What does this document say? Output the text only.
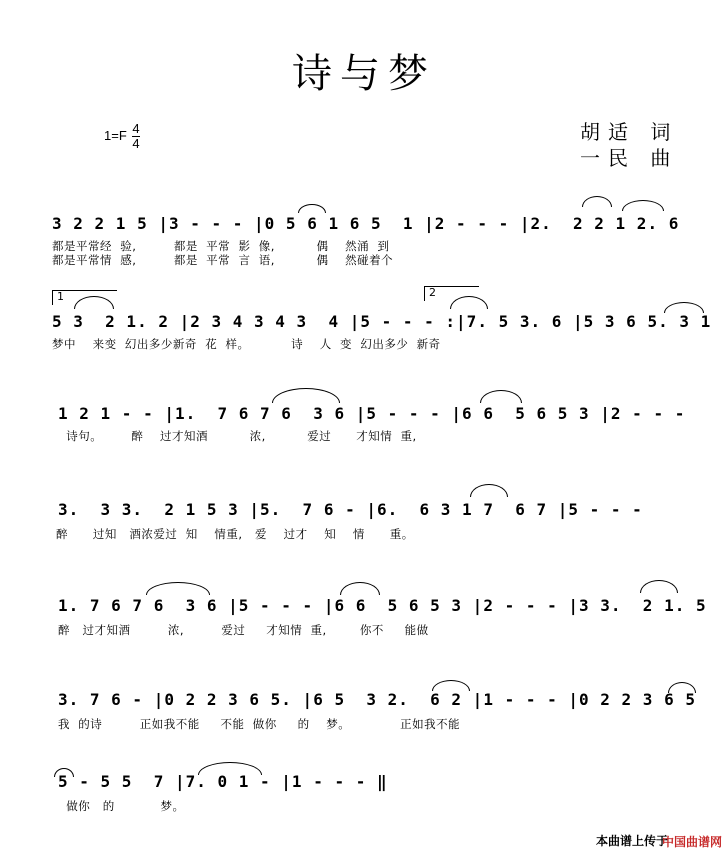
诗与梦
$1=F \frac{4}{4}$	胡适 词
一民 曲
3 2 2 1 5 |3 - - - |0 5 6 1 6 5  1 |2 - - - |2.  2 2 1 2. 6
都是平常经  验,         都是  平常  影  像,          偶    然涌  到
都是平常情  感,         都是  平常  言  语,          偶    然碰着个
1	2
5 3  2 1. 2 |2 3 4 3 4 3  4 |5 - - - :|7. 5 3. 6 |5 3 6 5. 3 1
梦中    来变  幻出多少新奇  花  样。          诗    人  变  幻出多少  新奇
1 2 1 - - |1.  7 6 7 6  3 6 |5 - - - |6 6  5 6 5 3 |2 - - -
诗句。       醉    过才知酒          浓,          爱过      才知情  重,
3.  3 3.  2 1 5 3 |5.  7 6 - |6.  6 3 1 7  6 7 |5 - - -
醉      过知   酒浓爱过  知    情重,   爱    过才    知    情      重。
1. 7 6 7 6  3 6 |5 - - - |6 6  5 6 5 3 |2 - - - |3 3.  2 1. 5
醉   过才知酒         浓,         爱过     才知情  重,        你不     能做
3. 7 6 - |0 2 2 3 6 5. |6 5  3 2.  6 2 |1 - - - |0 2 2 3 6 5
我  的诗         正如我不能     不能  做你     的    梦。            正如我不能
5 - 5 5  7 |7. 0 1 - |1 - - - ‖
做你   的           梦。
本曲谱上传于
中国曲谱网
